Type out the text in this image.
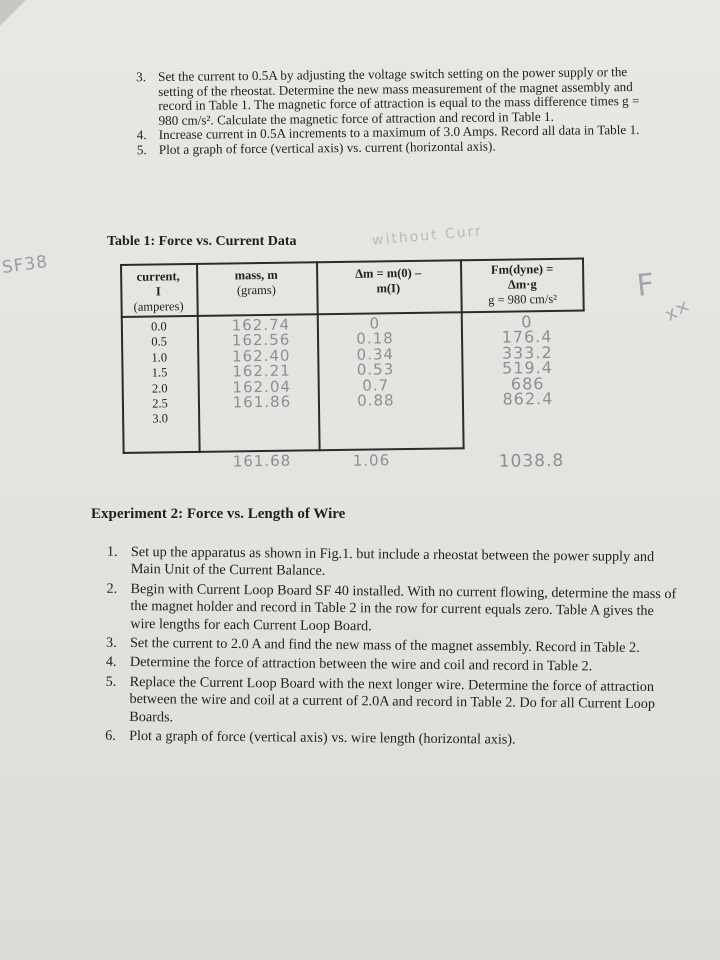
3. Set the current to 0.5A by adjusting the voltage switch setting on the power supply or the setting of the rheostat. Determine the new mass measurement of the magnet assembly and record in Table 1. The magnetic force of attraction is equal to the mass difference times g = 980 cm/s². Calculate the magnetic force of attraction and record in Table 1.
4. Increase current in 0.5A increments to a maximum of 3.0 Amps. Record all data in Table 1.
5. Plot a graph of force (vertical axis) vs. current (horizontal axis).
SF38
Table 1: Force vs. Current Data	without Curr
F
x×
current,
I
(amperes)
mass, m
(grams)
Δm = m(0) –
m(I)
Fm(dyne) =
Δm·g
g = 980 cm/s²
0.0
0.5
1.0
1.5
2.0
2.5
3.0
162.74
162.56
162.40
162.21
162.04
161.86
161.68
0
0.18
0.34
0.53
0.7
0.88
1.06
0
176.4
333.2
519.4
686
862.4
1038.8
Experiment 2: Force vs. Length of Wire
1. Set up the apparatus as shown in Fig.1. but include a rheostat between the power supply and Main Unit of the Current Balance.
2. Begin with Current Loop Board SF 40 installed. With no current flowing, determine the mass of the magnet holder and record in Table 2 in the row for current equals zero. Table A gives the wire lengths for each Current Loop Board.
3. Set the current to 2.0 A and find the new mass of the magnet assembly. Record in Table 2.
4. Determine the force of attraction between the wire and coil and record in Table 2.
5. Replace the Current Loop Board with the next longer wire. Determine the force of attraction between the wire and coil at a current of 2.0A and record in Table 2. Do for all Current Loop Boards.
6. Plot a graph of force (vertical axis) vs. wire length (horizontal axis).
